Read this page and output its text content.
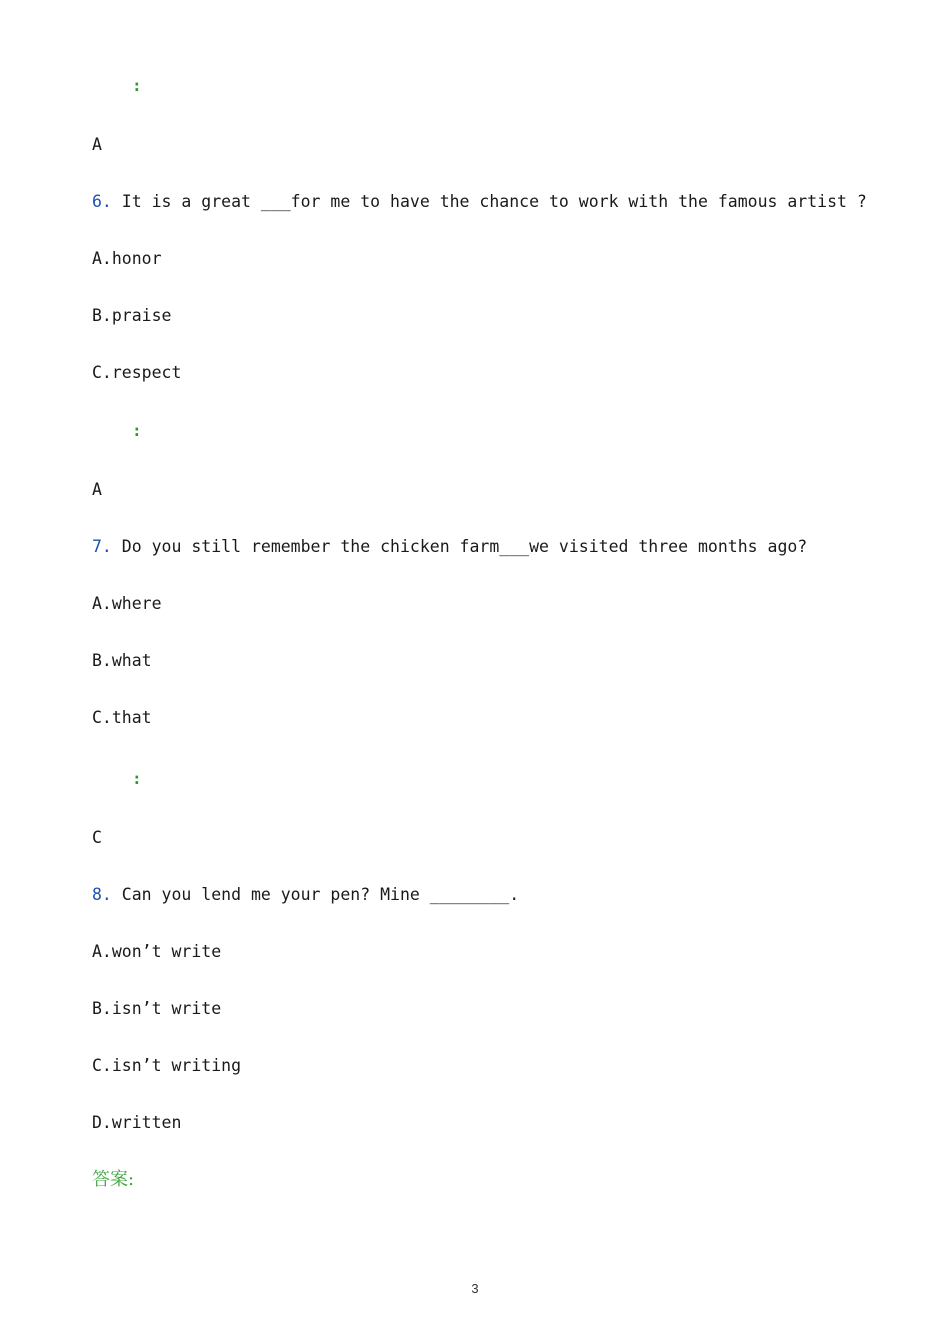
:
A
6. It is a great ___for me to have the chance to work with the famous artist ?
A.honor
B.praise
C.respect
:
A
7. Do you still remember the chicken farm___we visited three months ago?
A.where
B.what
C.that
:
C
8. Can you lend me your pen? Mine ________.
A.won’t write
B.isn’t write
C.isn’t writing
D.written
答案:
3
